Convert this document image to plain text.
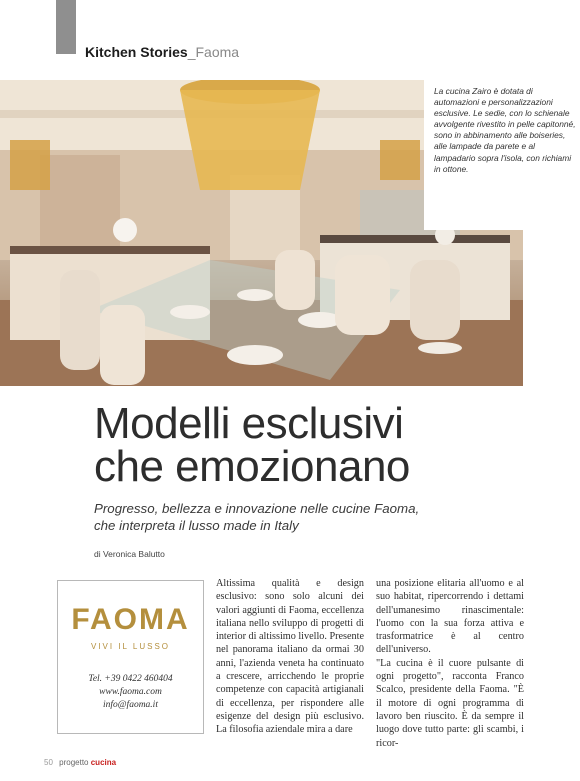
Kitchen Stories_Faoma
La cucina Zairo è dotata di automazioni e personalizzazioni esclusive. Le sedie, con lo schienale avvolgente rivestito in pelle capitonné, sono in abbinamento alle boiseries, alle lampade da parete e al lampadario sopra l'isola, con richiami in ottone.
Modelli esclusivi
che emozionano
Progresso, bellezza e innovazione nelle cucine Faoma, che interpreta il lusso made in Italy
di Veronica Balutto
FAOMA
VIVI IL LUSSO
Tel. +39 0422 460404
www.faoma.com
info@faoma.it

Altissima qualità e design esclusivo: sono solo alcuni dei valori aggiunti di Faoma, eccellenza italiana nello sviluppo di progetti di interior di altissimo livello. Presente nel panorama italiano da ormai 30 anni, l'azienda veneta ha continuato a crescere, arricchendo le proprie competenze con capacità artigianali di eccellenza, per rispondere alle esigenze del design più esclusivo. La filosofia aziendale mira a dare

una posizione elitaria all'uomo e al suo habitat, ripercorrendo i dettami dell'umanesimo rinascimentale: l'uomo con la sua forza attiva e trasformatrice è al centro dell'universo.

"La cucina è il cuore pulsante di ogni progetto", racconta Franco Scalco, presidente della Faoma. "È il motore di ogni programma di lavoro ben riuscito. È da sempre il luogo dove tutto parte: gli scambi, i ricor-

50 progetto cucina
